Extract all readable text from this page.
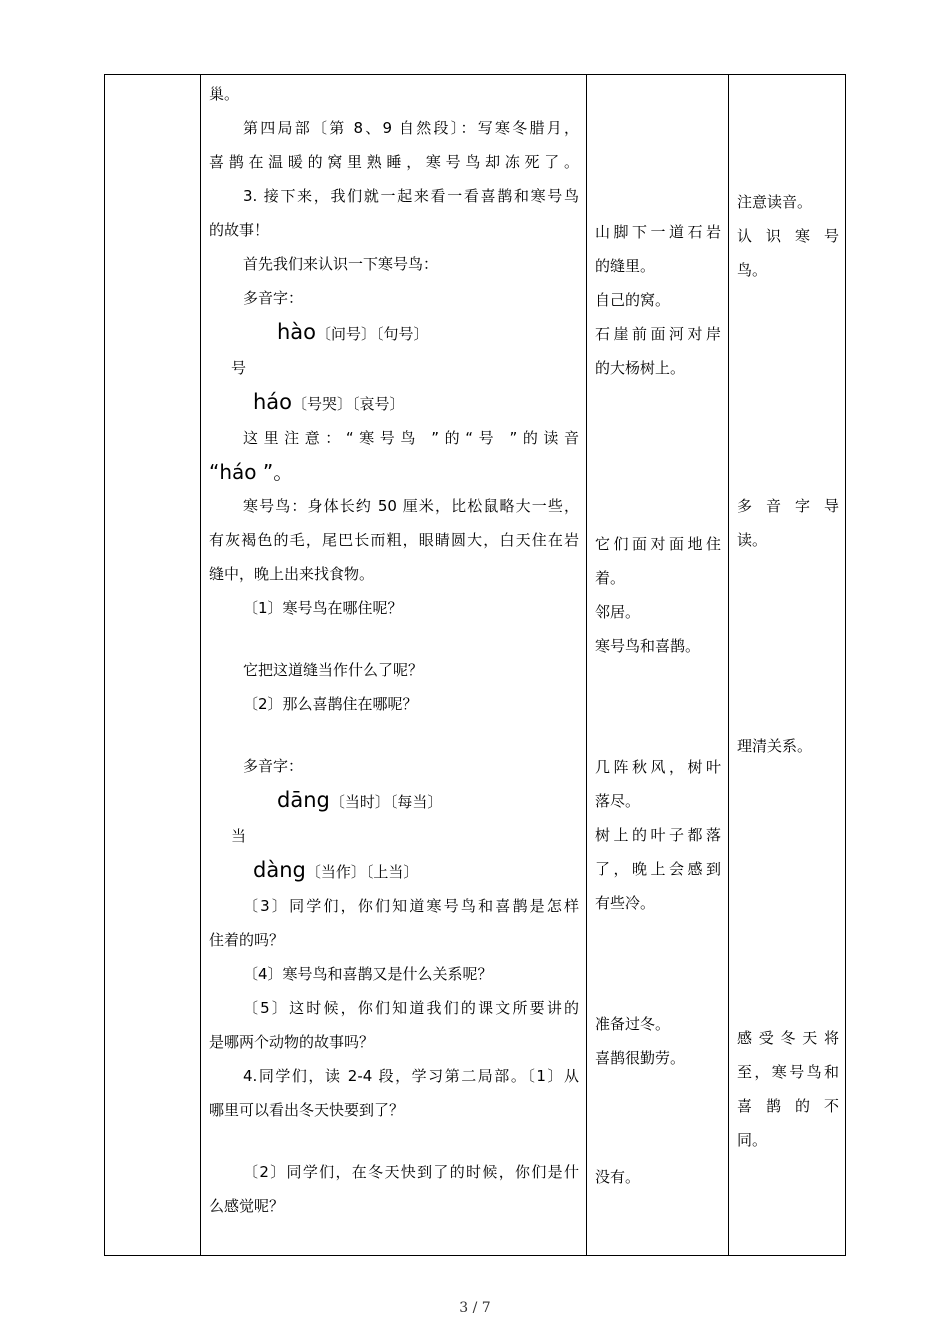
巢。

第四局部〔第 8、9 自然段〕：写寒冬腊月，

喜鹊在温暖的窝里熟睡，寒号鸟却冻死了。

3. 接下来，我们就一起来看一看喜鹊和寒号鸟

的故事！

首先我们来认识一下寒号鸟：

多音字：

hào〔问号〕〔句号〕

号

háo〔号哭〕〔哀号〕

这里注意：“寒号鸟 ”的“号 ”的读音

“háo ”。

寒号鸟：身体长约 50 厘米，比松鼠略大一些，

有灰褐色的毛，尾巴长而粗，眼睛圆大，白天住在岩

缝中，晚上出来找食物。

〔1〕寒号鸟在哪住呢？

它把这道缝当作什么了呢？

〔2〕那么喜鹊住在哪呢？

多音字：

dāng〔当时〕〔每当〕

当

dàng〔当作〕〔上当〕

〔3〕同学们，你们知道寒号鸟和喜鹊是怎样

住着的吗？

〔4〕寒号鸟和喜鹊又是什么关系呢？

〔5〕这时候，你们知道我们的课文所要讲的

是哪两个动物的故事吗？

4.同学们，读 2-4 段，学习第二局部。〔1〕从

哪里可以看出冬天快要到了？

〔2〕同学们，在冬天快到了的时候，你们是什

么感觉呢？

山脚下一道石岩

的缝里。

自己的窝。

石崖前面河对岸

的大杨树上。

它们面对面地住

着。

邻居。

寒号鸟和喜鹊。

几阵秋风，树叶

落尽。

树上的叶子都落

了，晚上会感到

有些冷。

准备过冬。

喜鹊很勤劳。

没有。

注意读音。

认识寒号

鸟。

多音字导

读。

理清关系。

感受冬天将

至，寒号鸟和

喜鹊的不

同。

3 / 7
